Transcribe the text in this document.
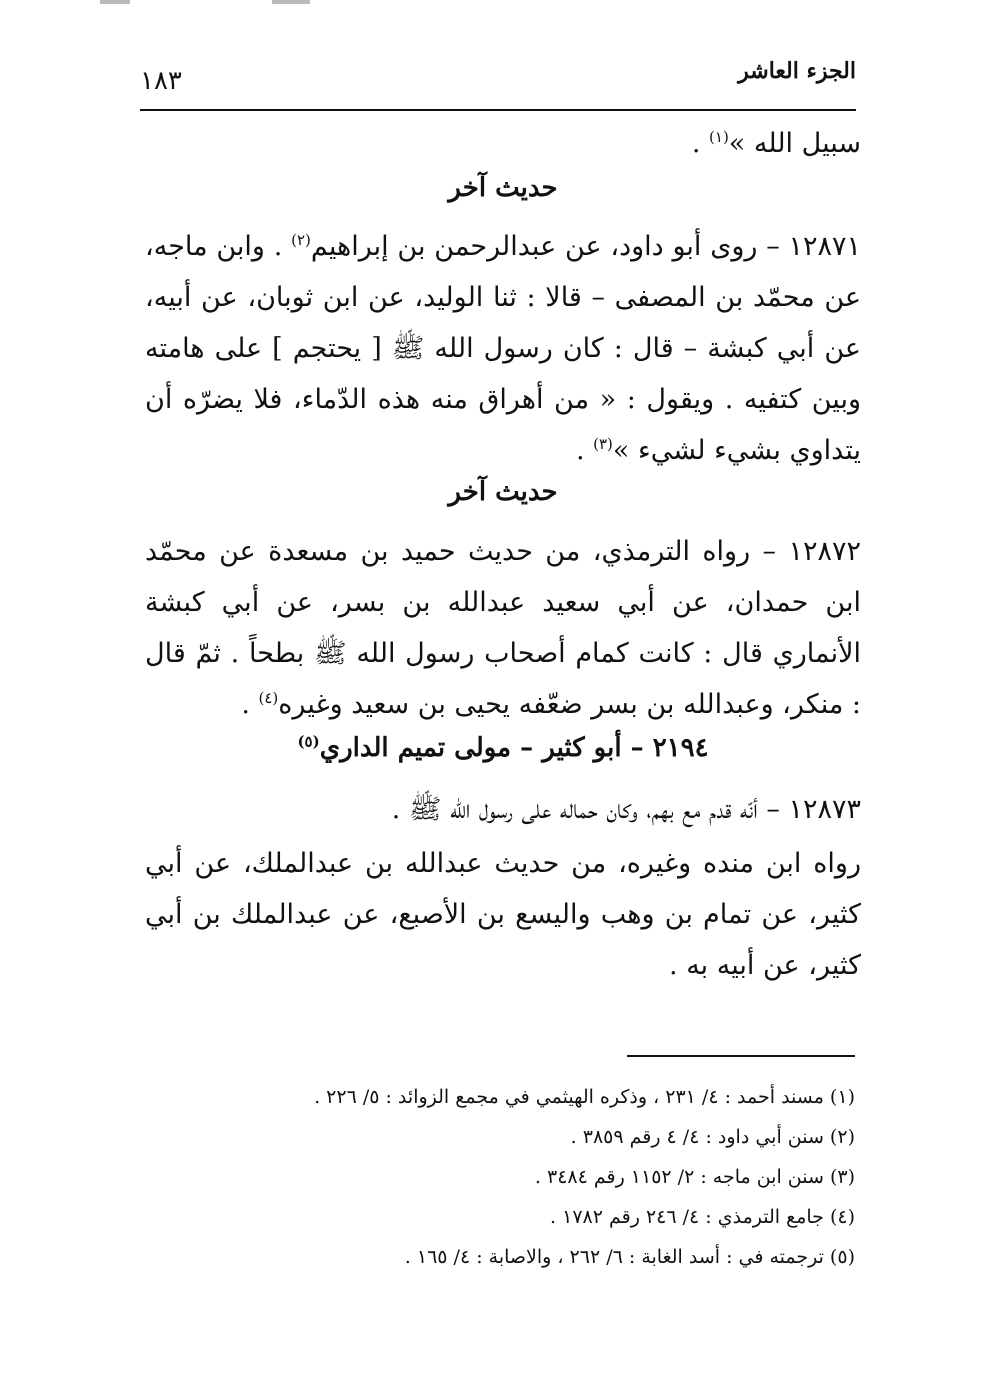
الجزء العاشر
١٨٣

سبيل الله »$^{(١)}$ .

حديث آخر

١٢٨٧١ – روى أبو داود، عن عبدالرحمن بن إبراهيم$^{(٢)}$ . وابن ماجه، عن محمّد بن المصفى – قالا : ثنا الوليد، عن ابن ثوبان، عن أبيه، عن أبي كبشة – قال : كان رسول الله ﷺ [ يحتجم ] على هامته وبين كتفيه . ويقول : « من أهراق منه هذه الدّماء، فلا يضرّه أن يتداوي بشيء لشيء »$^{(٣)}$ .

حديث آخر

١٢٨٧٢ – رواه الترمذي، من حديث حميد بن مسعدة عن محمّد ابن حمدان، عن أبي سعيد عبدالله بن بسر، عن أبي كبشة الأنماري قال : كانت كمام أصحاب رسول الله ﷺ بطحاً . ثمّ قال : منكر، وعبدالله بن بسر ضعّفه يحيى بن سعيد وغيره$^{(٤)}$ .

٢١٩٤ – أبو كثير – مولى تميم الداري$^{(٥)}$

١٢٨٧٣ – أنّه قدم مع بهم، وكان حماله على رسول الله ﷺ .

رواه ابن منده وغيره، من حديث عبدالله بن عبدالملك، عن أبي كثير، عن تمام بن وهب واليسع بن الأصبع، عن عبدالملك بن أبي كثير، عن أبيه به .

(١) مسند أحمد : ٤/ ٢٣١ ، وذكره الهيثمي في مجمع الزوائد : ٥/ ٢٢٦ .

(٢) سنن أبي داود : ٤/ ٤ رقم ٣٨٥٩ .

(٣) سنن ابن ماجه : ٢/ ١١٥٢ رقم ٣٤٨٤ .

(٤) جامع الترمذي : ٤/ ٢٤٦ رقم ١٧٨٢ .

(٥) ترجمته في : أسد الغابة : ٦/ ٢٦٢ ، والاصابة : ٤/ ١٦٥ .
